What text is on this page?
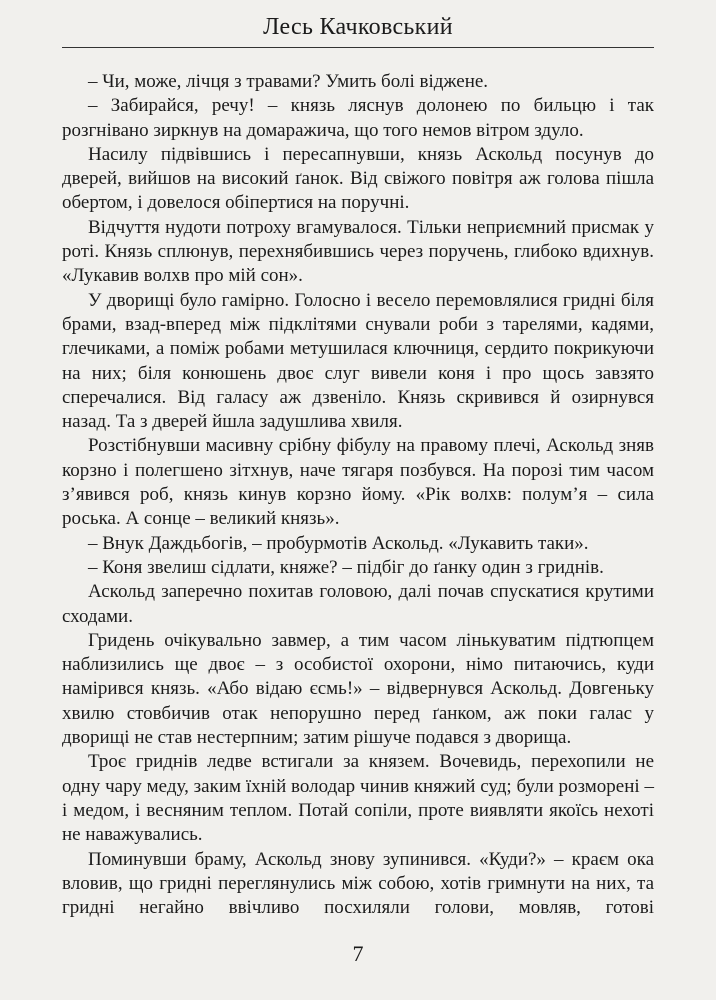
Лесь Качковський

– Чи, може, лічця з травами? Умить болі віджене.

– Забирайся, речу! – князь ляснув долонею по бильцю і так розгнівано зиркнув на домаражича, що того немов вітром здуло.

Насилу підвівшись і пересапнувши, князь Аскольд посунув до дверей, вийшов на високий ґанок. Від свіжого повітря аж голова пішла обертом, і довелося обіпертися на поручні.

Відчуття нудоти потроху вгамувалося. Тільки неприємний присмак у роті. Князь сплюнув, перехнябившись через поручень, глибоко вдихнув. «Лукавив волхв про мій сон».

У дворищі було гамірно. Голосно і весело перемовлялися гридні біля брами, взад-вперед між підклітями снували роби з тарелями, кадями, глечиками, а поміж робами метушилася ключниця, сердито покрикуючи на них; біля конюшень двоє слуг вивели коня і про щось завзято сперечалися. Від галасу аж дзвеніло. Князь скривився й озирнувся назад. Та з дверей йшла задушлива хвиля.

Розстібнувши масивну срібну фібулу на правому плечі, Аскольд зняв корзно і полегшено зітхнув, наче тягаря позбувся. На порозі тим часом з’явився роб, князь кинув корзно йому. «Рік волхв: полум’я – сила роська. А сонце – великий князь».

– Внук Даждьбогів, – пробурмотів Аскольд. «Лукавить таки».

– Коня звелиш сідлати, княже? – підбіг до ґанку один з гриднів.

Аскольд заперечно похитав головою, далі почав спускатися крутими сходами.

Гридень очікувально завмер, а тим часом лінькуватим підтюпцем наблизились ще двоє – з особистої охорони, німо питаючись, куди намірився князь. «Або відаю єсмь!» – відвернувся Аскольд. Довгеньку хвилю стовбичив отак непорушно перед ґанком, аж поки галас у дворищі не став нестерпним; затим рішуче подався з дворища.

Троє гриднів ледве встигали за князем. Вочевидь, перехопили не одну чару меду, заким їхній володар чинив княжий суд; були розморені – і медом, і весняним теплом. Потай сопіли, проте виявляти якоїсь нехоті не наважувались.

Поминувши браму, Аскольд знову зупинився. «Куди?» – краєм ока вловив, що гридні переглянулись між собою, хотів гримнути на них, та гридні негайно ввічливо посхиляли голови, мовляв, готові

7
